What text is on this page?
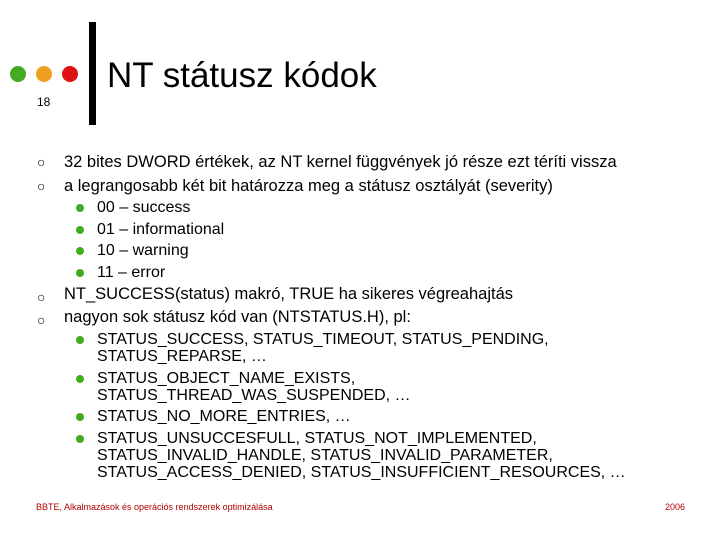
18
NT státusz kódok
○ 32 bites DWORD értékek, az NT kernel függvények jó része ezt téríti vissza
○ a legrangosabb két bit határozza meg a státusz osztályát (severity)
00 – success
01 – informational
10 – warning
11 – error
○ NT_SUCCESS(status) makró, TRUE ha sikeres végreahajtás
○ nagyon sok státusz kód van (NTSTATUS.H), pl:
STATUS_SUCCESS, STATUS_TIMEOUT, STATUS_PENDING,
STATUS_REPARSE, …
STATUS_OBJECT_NAME_EXISTS,
STATUS_THREAD_WAS_SUSPENDED, …
STATUS_NO_MORE_ENTRIES, …
STATUS_UNSUCCESFULL, STATUS_NOT_IMPLEMENTED,
STATUS_INVALID_HANDLE, STATUS_INVALID_PARAMETER,
STATUS_ACCESS_DENIED, STATUS_INSUFFICIENT_RESOURCES, …
BBTE, Alkalmazások és operációs rendszerek optimizálása	2006
